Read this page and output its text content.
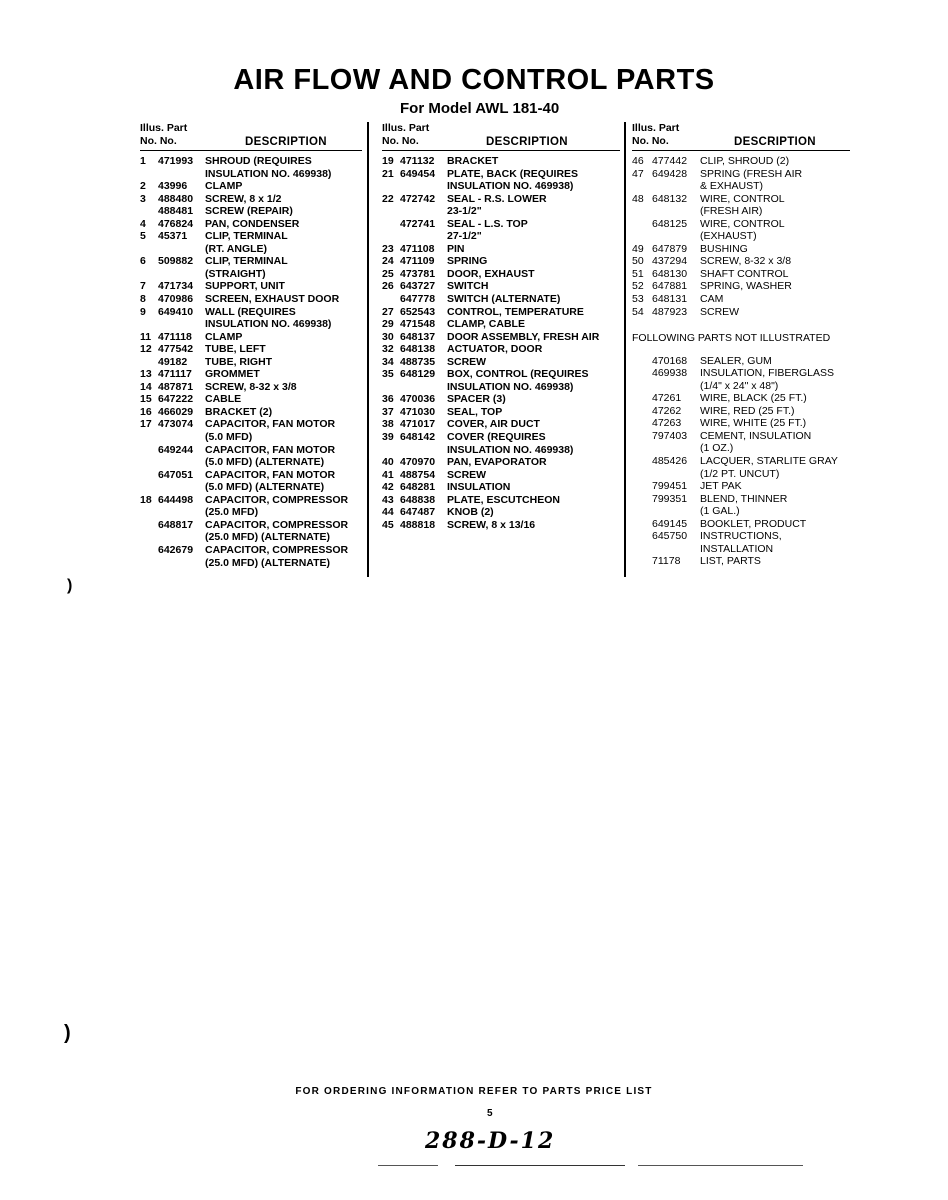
AIR FLOW AND CONTROL PARTS
For Model AWL 181-40
Illus. Part
No. No.	DESCRIPTION
1	471993	SHROUD (REQUIRES
INSULATION NO. 469938)
2	43996	CLAMP
3	488480	SCREW, 8 x 1/2
488481	SCREW (REPAIR)
4	476824	PAN, CONDENSER
5	45371	CLIP, TERMINAL
(RT. ANGLE)
6	509882	CLIP, TERMINAL
(STRAIGHT)
7	471734	SUPPORT, UNIT
8	470986	SCREEN, EXHAUST DOOR
9	649410	WALL (REQUIRES
INSULATION NO. 469938)
11 471118	CLAMP
12 477542	TUBE, LEFT
49182	TUBE, RIGHT
13 471117	GROMMET
14 487871	SCREW, 8-32 x 3/8
15 647222	CABLE
16 466029	BRACKET (2)
17 473074	CAPACITOR, FAN MOTOR
(5.0 MFD)
649244	CAPACITOR, FAN MOTOR
(5.0 MFD) (ALTERNATE)
647051	CAPACITOR, FAN MOTOR
(5.0 MFD) (ALTERNATE)
18 644498	CAPACITOR, COMPRESSOR
(25.0 MFD)
648817	CAPACITOR, COMPRESSOR
(25.0 MFD) (ALTERNATE)
642679	CAPACITOR, COMPRESSOR
(25.0 MFD) (ALTERNATE)
Illus. Part
No. No.	DESCRIPTION
19 471132	BRACKET
21 649454	PLATE, BACK (REQUIRES
INSULATION NO. 469938)
22 472742	SEAL - R.S. LOWER
23-1/2"
472741	SEAL - L.S. TOP
27-1/2"
23 471108	PIN
24 471109	SPRING
25 473781	DOOR, EXHAUST
26 643727	SWITCH
647778	SWITCH (ALTERNATE)
27 652543	CONTROL, TEMPERATURE
29 471548	CLAMP, CABLE
30 648137	DOOR ASSEMBLY, FRESH AIR
32 648138	ACTUATOR, DOOR
34 488735	SCREW
35 648129	BOX, CONTROL (REQUIRES
INSULATION NO. 469938)
36 470036	SPACER (3)
37 471030	SEAL, TOP
38 471017	COVER, AIR DUCT
39 648142	COVER (REQUIRES
INSULATION NO. 469938)
40 470970	PAN, EVAPORATOR
41 488754	SCREW
42 648281	INSULATION
43 648838	PLATE, ESCUTCHEON
44 647487	KNOB (2)
45 488818	SCREW, 8 x 13/16
Illus. Part
No. No.	DESCRIPTION
46 477442	CLIP, SHROUD (2)
47 649428	SPRING (FRESH AIR
& EXHAUST)
48 648132	WIRE, CONTROL
(FRESH AIR)
648125	WIRE, CONTROL
(EXHAUST)
49 647879	BUSHING
50 437294	SCREW, 8-32 x 3/8
51 648130	SHAFT CONTROL
52 647881	SPRING, WASHER
53 648131	CAM
54 487923	SCREW
FOLLOWING PARTS NOT ILLUSTRATED
470168	SEALER, GUM
469938	INSULATION, FIBERGLASS
(1/4" x 24" x 48")
47261	WIRE, BLACK (25 FT.)
47262	WIRE, RED (25 FT.)
47263	WIRE, WHITE (25 FT.)
797403	CEMENT, INSULATION
(1 OZ.)
485426	LACQUER, STARLITE GRAY
(1/2 PT. UNCUT)
799451	JET PAK
799351	BLEND, THINNER
(1 GAL.)
649145	BOOKLET, PRODUCT
645750	INSTRUCTIONS,
INSTALLATION
71178	LIST, PARTS
)
)
FOR ORDERING INFORMATION REFER TO PARTS PRICE LIST
5
288-D-12
